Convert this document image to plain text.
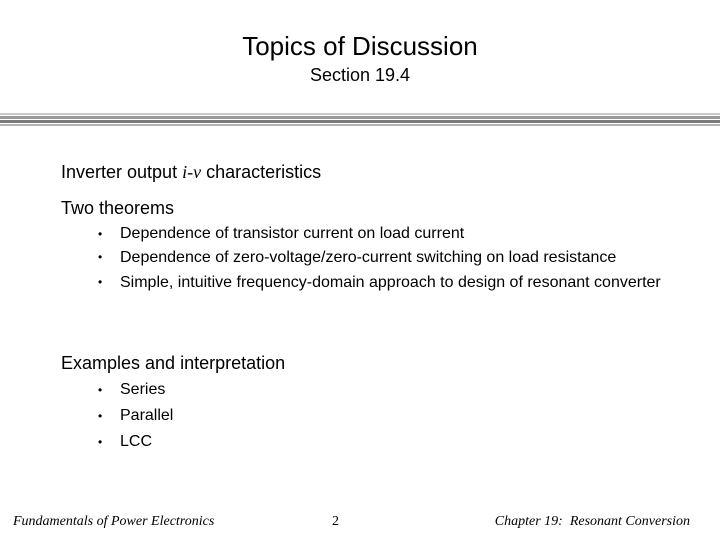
Topics of Discussion
Section 19.4
Inverter output i-v characteristics
Two theorems
• Dependence of transistor current on load current
• Dependence of zero-voltage/zero-current switching on load resistance
• Simple, intuitive frequency-domain approach to design of resonant converter
Examples and interpretation
• Series
• Parallel
• LCC
Fundamentals of Power Electronics	2	Chapter 19:  Resonant Conversion
